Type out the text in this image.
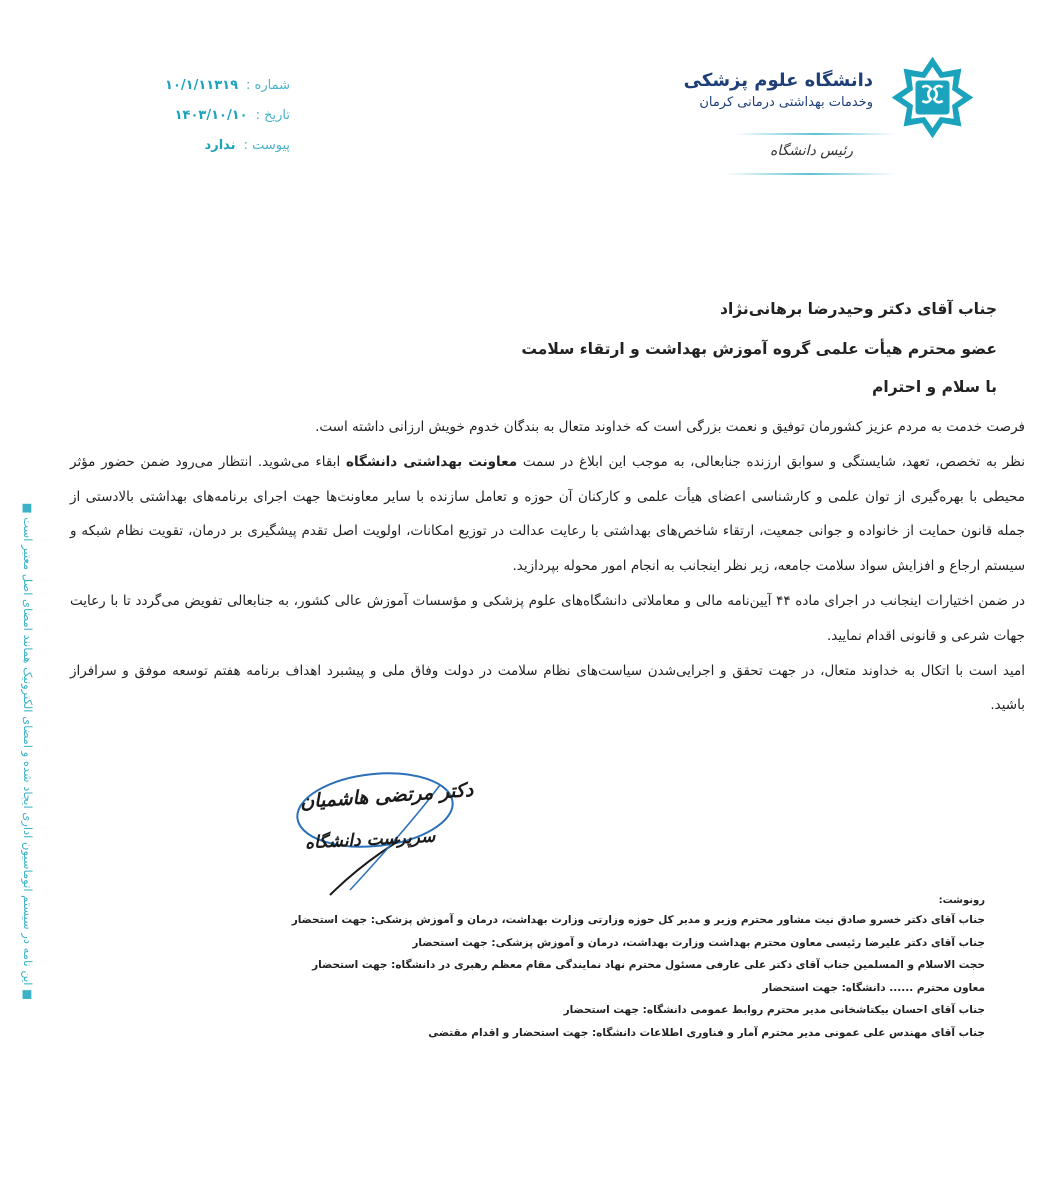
شماره :
۱۰/۱/۱۱۳۱۹
تاریخ :
۱۴۰۳/۱۰/۱۰
پیوست :
ندارد
دانشگاه علوم پزشکی
وخدمات بهداشتی درمانی کرمان
رئیس دانشگاه
جناب آقای دکتر وحیدرضا برهانی‌نژاد
عضو محترم هیأت علمی گروه آموزش بهداشت و ارتقاء سلامت
با سلام و احترام

فرصت خدمت به مردم عزیز کشورمان توفیق و نعمت بزرگی است که خداوند متعال به بندگان خدوم خویش ارزانی داشته است.

نظر به تخصص، تعهد، شایستگی و سوابق ارزنده جنابعالی، به موجب این ابلاغ در سمت معاونت بهداشتی دانشگاه ابقاء می‌شوید. انتظار می‌رود ضمن حضور مؤثر محیطی با بهره‌گیری از توان علمی و کارشناسی اعضای هیأت علمی و کارکنان آن حوزه و تعامل سازنده با سایر معاونت‌ها جهت اجرای برنامه‌های بهداشتی بالادستی از جمله قانون حمایت از خانواده و جوانی جمعیت، ارتقاء شاخص‌های بهداشتی با رعایت عدالت در توزیع امکانات، اولویت اصل تقدم پیشگیری بر درمان، تقویت نظام شبکه و سیستم ارجاع و افزایش سواد سلامت جامعه، زیر نظر اینجانب به انجام امور محوله بپردازید.

در ضمن اختیارات اینجانب در اجرای ماده ۴۴ آیین‌نامه مالی و معاملاتی دانشگاه‌های علوم پزشکی و مؤسسات آموزش عالی کشور، به جنابعالی تفویض می‌گردد تا با رعایت جهات شرعی و قانونی اقدام نمایید.

امید است با اتکال به خداوند متعال، در جهت تحقق و اجرایی‌شدن سیاست‌های نظام سلامت در دولت وفاق ملی و پیشبرد اهداف برنامه هفتم توسعه موفق و سرافراز باشید.

دکتر مرتضی هاشمیان
سرپرست دانشگاه
رونوشت:
جناب آقای دکتر خسرو صادق نیت مشاور محترم وزیر و مدیر کل حوزه وزارتی وزارت بهداشت، درمان و آموزش پزشکی: جهت استحضار
جناب آقای دکتر علیرضا رئیسی معاون محترم بهداشت وزارت بهداشت، درمان و آموزش پزشکی: جهت استحضار
حجت الاسلام و المسلمین جناب آقای دکتر علی عارفی مسئول محترم نهاد نمایندگی مقام معظم رهبری در دانشگاه: جهت استحضار
معاون محترم ...... دانشگاه: جهت استحضار
جناب آقای احسان بیکتاشخانی مدیر محترم روابط عمومی دانشگاه: جهت استحضار
جناب آقای مهندس علی عمونی مدیر محترم آمار و فناوری اطلاعات دانشگاه: جهت استحضار و اقدام مقتضی
■ این نامه در سیستم اتوماسیون اداری ایجاد شده و امضای الکترونیک همانند امضای اصل معتبر است ■
